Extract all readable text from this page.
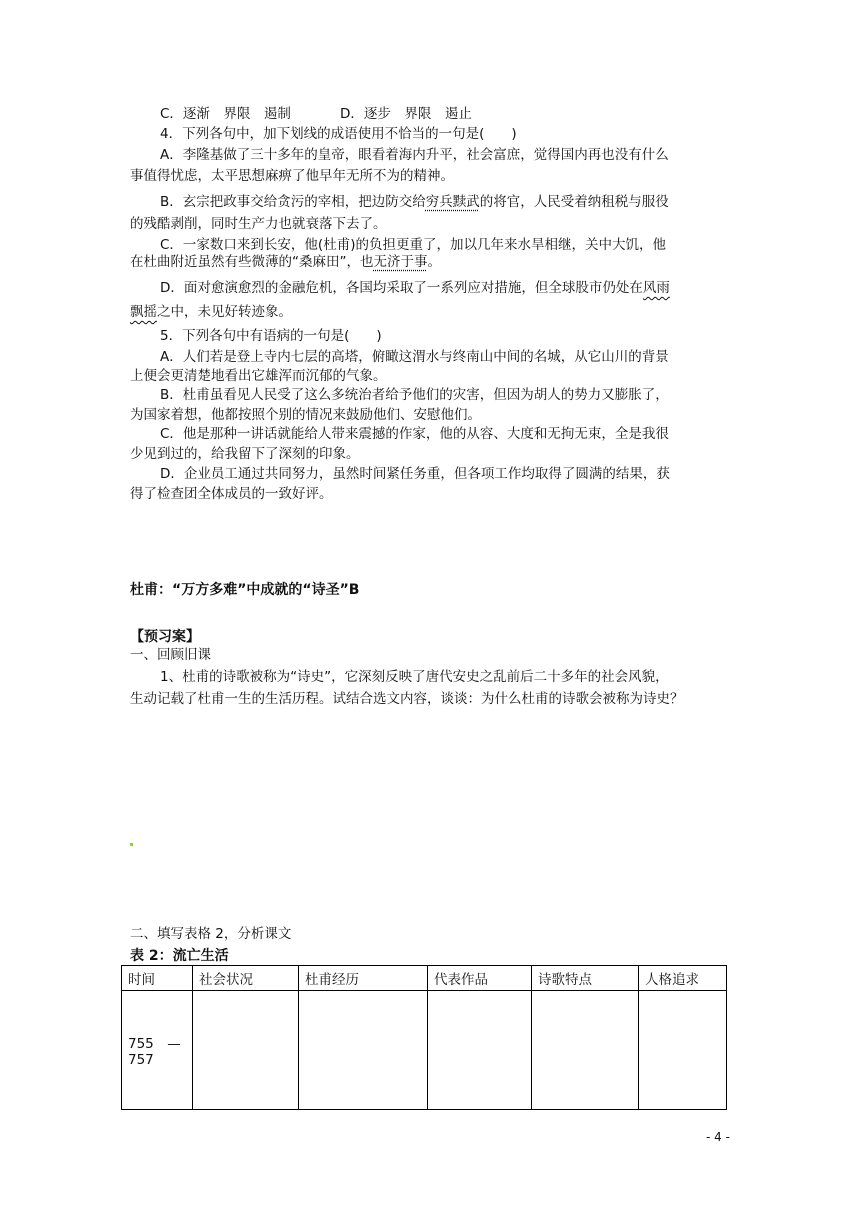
C．逐渐　界限　遏制	D．逐步　界限　遏止
4．下列各句中，加下划线的成语使用不恰当的一句是(　　)
A．李隆基做了三十多年的皇帝，眼看着海内升平，社会富庶，觉得国内再也没有什么
事值得忧虑，太平思想麻痹了他早年无所不为的精神。
B．玄宗把政事交给贪污的宰相，把边防交给穷兵黩武的将官，人民受着纳租税与服役
的残酷剥削，同时生产力也就衰落下去了。
C．一家数口来到长安，他(杜甫)的负担更重了，加以几年来水旱相继，关中大饥，他
在杜曲附近虽然有些微薄的“桑麻田”，也无济于事。
D．面对愈演愈烈的金融危机，各国均采取了一系列应对措施，但全球股市仍处在风雨
飘摇之中，未见好转迹象。
5．下列各句中有语病的一句是(　　)
A．人们若是登上寺内七层的高塔，俯瞰这渭水与终南山中间的名城，从它山川的背景
上便会更清楚地看出它雄浑而沉郁的气象。
B．杜甫虽看见人民受了这么多统治者给予他们的灾害，但因为胡人的势力又膨胀了，
为国家着想，他都按照个别的情况来鼓励他们、安慰他们。
C．他是那种一讲话就能给人带来震撼的作家，他的从容、大度和无拘无束，全是我很
少见到过的，给我留下了深刻的印象。
D．企业员工通过共同努力，虽然时间紧任务重，但各项工作均取得了圆满的结果，获
得了检查团全体成员的一致好评。
杜甫：“万方多难”中成就的“诗圣”B
【预习案】
一、回顾旧课
1、杜甫的诗歌被称为“诗史”，它深刻反映了唐代安史之乱前后二十多年的社会风貌，
生动记载了杜甫一生的生活历程。试结合选文内容，谈谈：为什么杜甫的诗歌会被称为诗史？
二、填写表格 2，分析课文
表 2：流亡生活
时间	社会状况	杜甫经历	代表作品	诗歌特点	人格追求

755　—
757					

- 4 -
